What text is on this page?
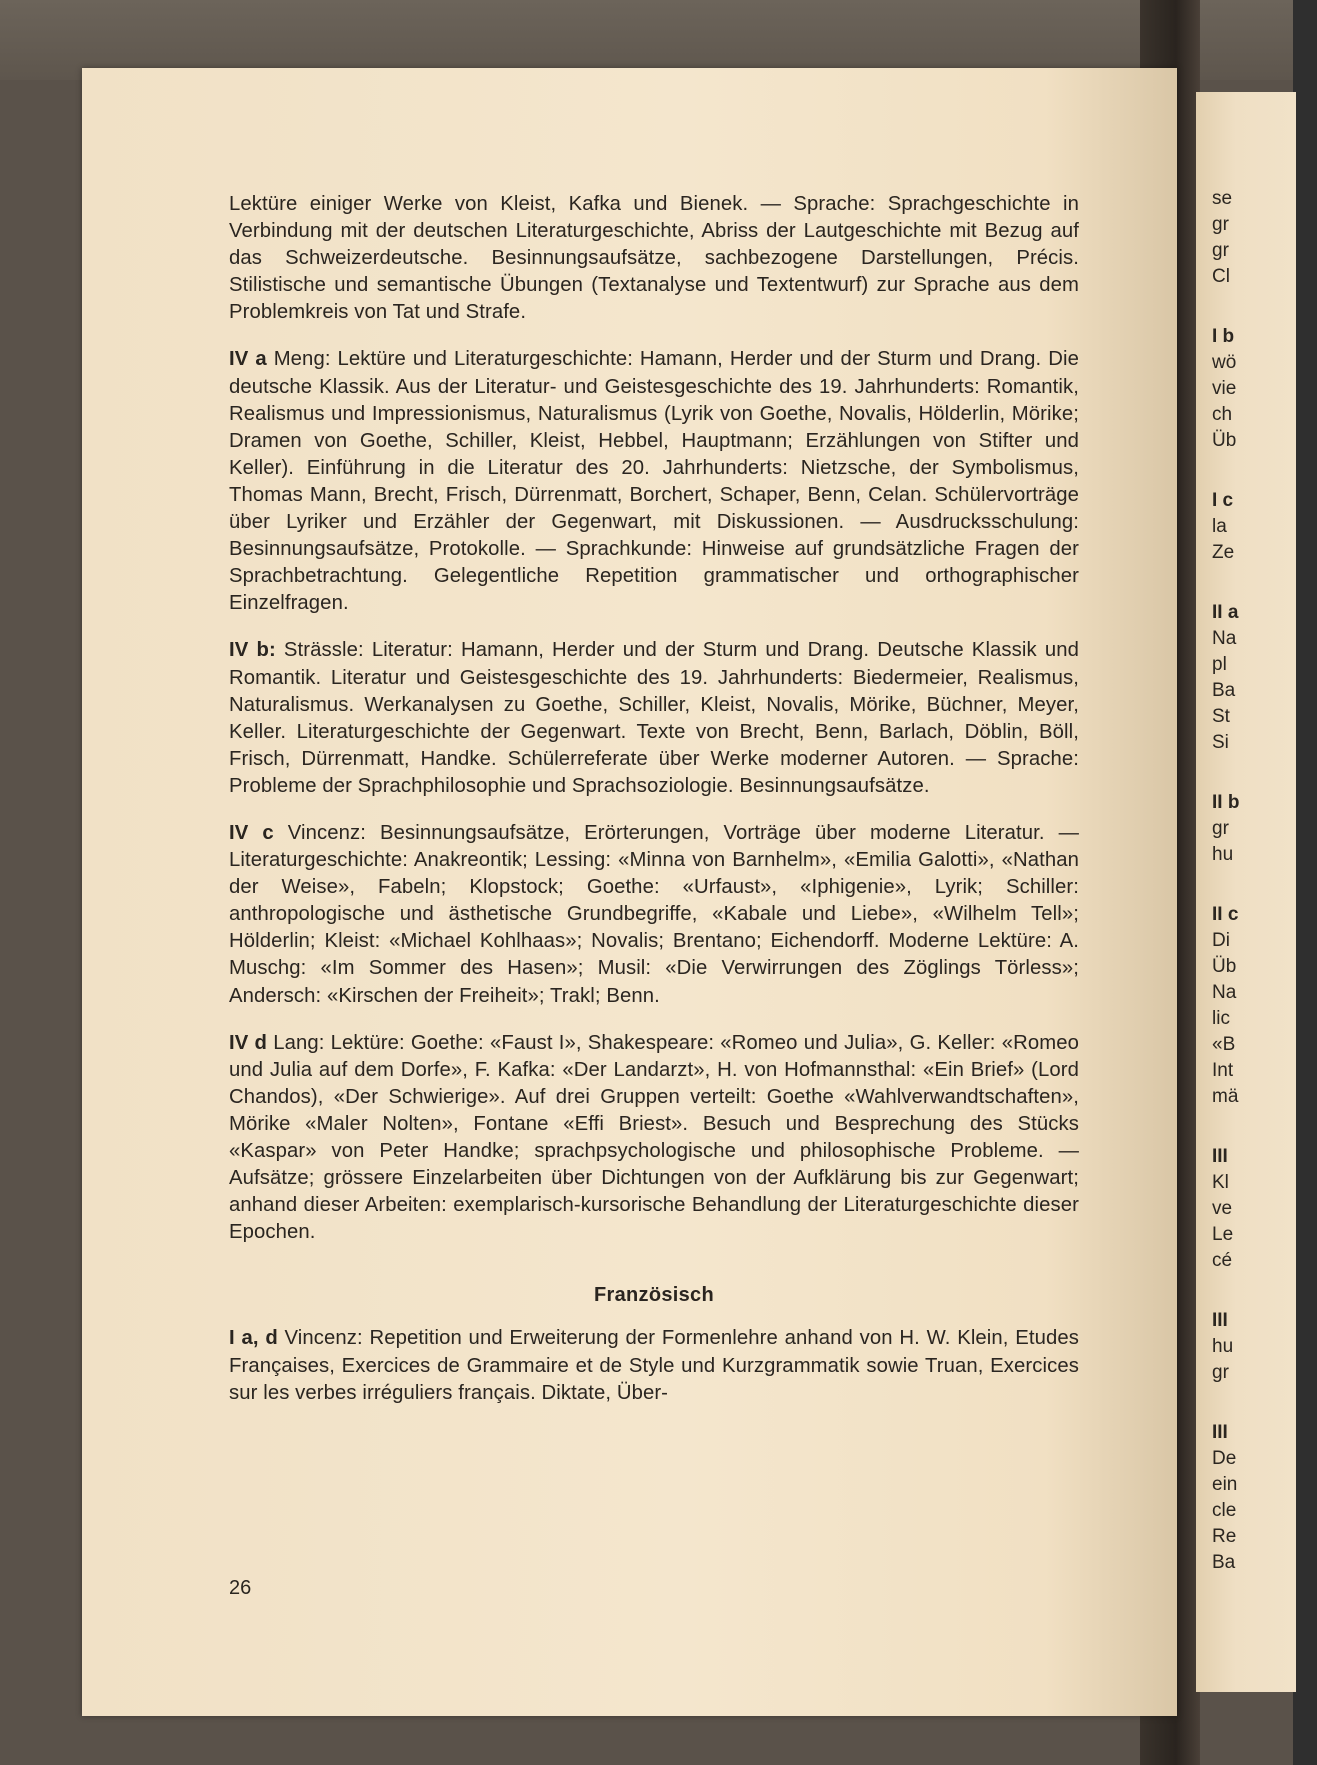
se
gr
gr
Cl
I b
wö
vie
ch
Üb
I c
la
Ze
II a
Na
pl
Ba
St
Si
II b
gr
hu
II c
Di
Üb
Na
lic
«B
Int
mä
III
Kl
ve
Le
cé
III
hu
gr
III
De
ein
cle
Re
Ba

Lektüre einiger Werke von Kleist, Kafka und Bienek. — Sprache: Sprachgeschichte in Verbindung mit der deutschen Literaturgeschichte, Abriss der Lautgeschichte mit Bezug auf das Schweizerdeutsche. Besinnungsaufsätze, sachbezogene Darstellungen, Précis. Stilistische und semantische Übungen (Textanalyse und Textentwurf) zur Sprache aus dem Problemkreis von Tat und Strafe.

IV a Meng: Lektüre und Literaturgeschichte: Hamann, Herder und der Sturm und Drang. Die deutsche Klassik. Aus der Literatur- und Geistesgeschichte des 19. Jahrhunderts: Romantik, Realismus und Impressionismus, Naturalismus (Lyrik von Goethe, Novalis, Hölderlin, Mörike; Dramen von Goethe, Schiller, Kleist, Hebbel, Hauptmann; Erzählungen von Stifter und Keller). Einführung in die Literatur des 20. Jahrhunderts: Nietzsche, der Symbolismus, Thomas Mann, Brecht, Frisch, Dürrenmatt, Borchert, Schaper, Benn, Celan. Schülervorträge über Lyriker und Erzähler der Gegenwart, mit Diskussionen. — Ausdrucksschulung: Besinnungsaufsätze, Protokolle. — Sprachkunde: Hinweise auf grundsätzliche Fragen der Sprachbetrachtung. Gelegentliche Repetition grammatischer und orthographischer Einzelfragen.

IV b: Strässle: Literatur: Hamann, Herder und der Sturm und Drang. Deutsche Klassik und Romantik. Literatur und Geistesgeschichte des 19. Jahrhunderts: Biedermeier, Realismus, Naturalismus. Werkanalysen zu Goethe, Schiller, Kleist, Novalis, Mörike, Büchner, Meyer, Keller. Literaturgeschichte der Gegenwart. Texte von Brecht, Benn, Barlach, Döblin, Böll, Frisch, Dürrenmatt, Handke. Schülerreferate über Werke moderner Autoren. — Sprache: Probleme der Sprachphilosophie und Sprachsoziologie. Besinnungsaufsätze.

IV c Vincenz: Besinnungsaufsätze, Erörterungen, Vorträge über moderne Literatur. — Literaturgeschichte: Anakreontik; Lessing: «Minna von Barnhelm», «Emilia Galotti», «Nathan der Weise», Fabeln; Klopstock; Goethe: «Urfaust», «Iphigenie», Lyrik; Schiller: anthropologische und ästhetische Grundbegriffe, «Kabale und Liebe», «Wilhelm Tell»; Hölderlin; Kleist: «Michael Kohlhaas»; Novalis; Brentano; Eichendorff. Moderne Lektüre: A. Muschg: «Im Sommer des Hasen»; Musil: «Die Verwirrungen des Zöglings Törless»; Andersch: «Kirschen der Freiheit»; Trakl; Benn.

IV d Lang: Lektüre: Goethe: «Faust I», Shakespeare: «Romeo und Julia», G. Keller: «Romeo und Julia auf dem Dorfe», F. Kafka: «Der Landarzt», H. von Hofmannsthal: «Ein Brief» (Lord Chandos), «Der Schwierige». Auf drei Gruppen verteilt: Goethe «Wahlverwandtschaften», Mörike «Maler Nolten», Fontane «Effi Briest». Besuch und Besprechung des Stücks «Kaspar» von Peter Handke; sprachpsychologische und philosophische Probleme. — Aufsätze; grössere Einzelarbeiten über Dichtungen von der Aufklärung bis zur Gegenwart; anhand dieser Arbeiten: exemplarisch-kursorische Behandlung der Literaturgeschichte dieser Epochen.

Französisch

I a, d Vincenz: Repetition und Erweiterung der Formenlehre anhand von H. W. Klein, Etudes Françaises, Exercices de Grammaire et de Style und Kurzgrammatik sowie Truan, Exercices sur les verbes irréguliers français. Diktate, Über-

26
